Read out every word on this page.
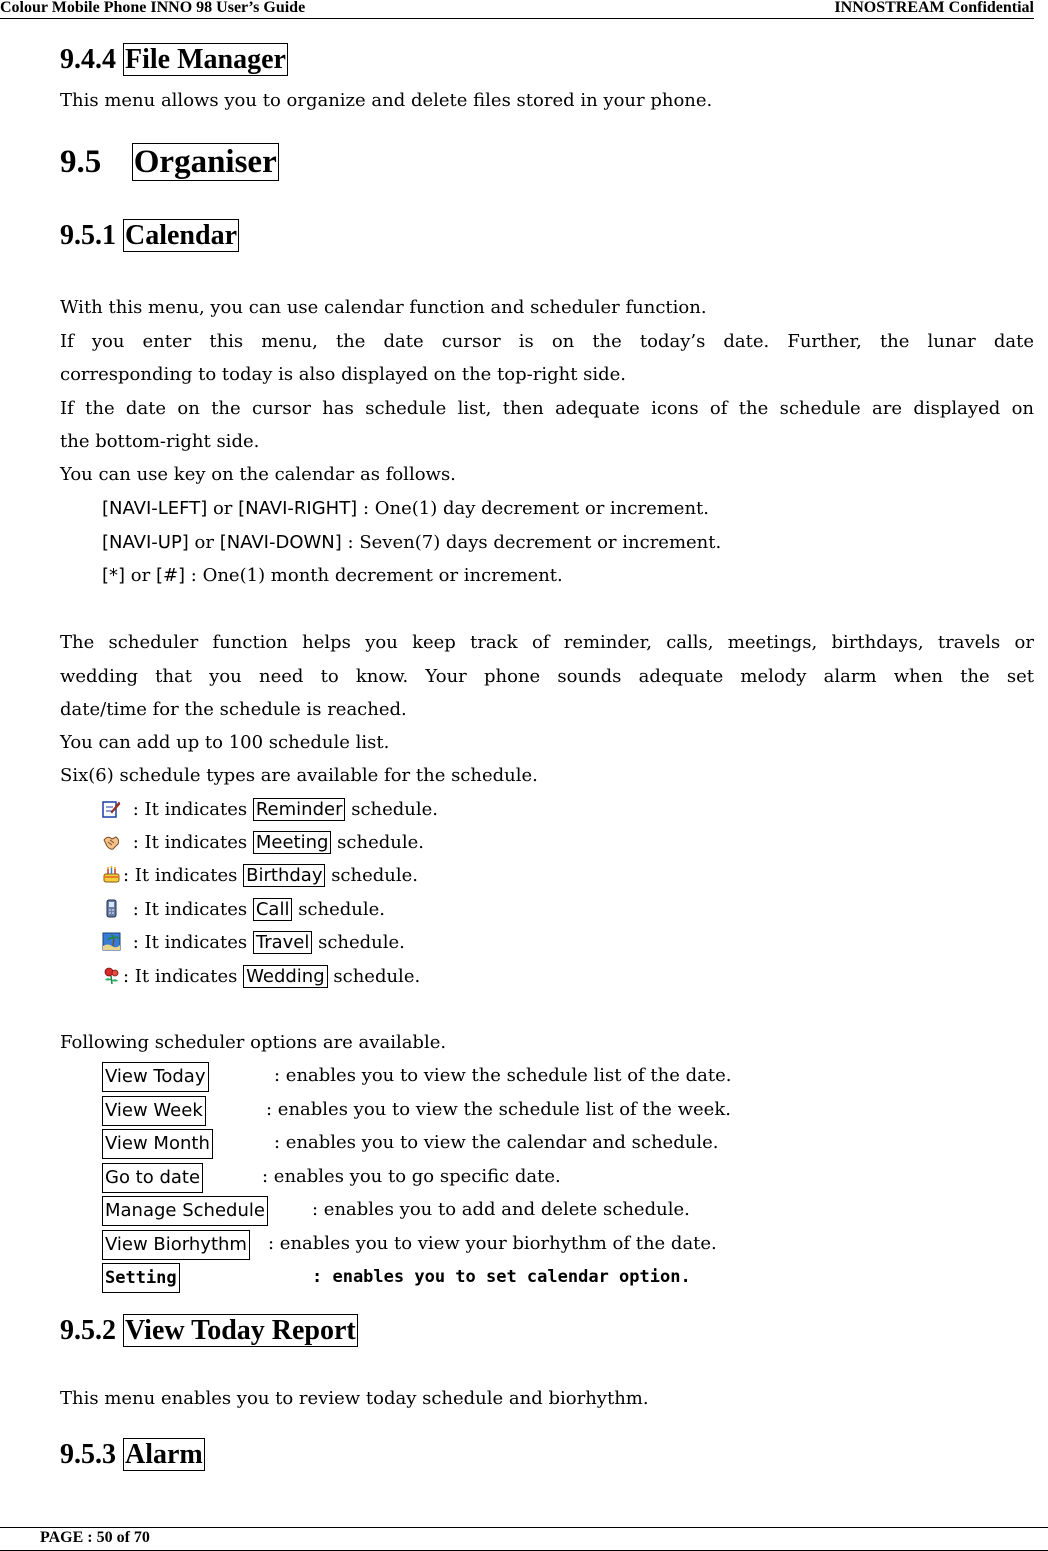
Colour Mobile Phone INNO 98 User’s Guide	INNOSTREAM Confidential
9.4.4 File Manager
This menu allows you to organize and delete files stored in your phone.
9.5 Organiser
9.5.1 Calendar
With this menu, you can use calendar function and scheduler function.
If you enter this menu, the date cursor is on the today’s date. Further, the lunar date
corresponding to today is also displayed on the top-right side.
If the date on the cursor has schedule list, then adequate icons of the schedule are displayed on
the bottom-right side.
You can use key on the calendar as follows.
[NAVI-LEFT] or [NAVI-RIGHT] : One(1) day decrement or increment.
[NAVI-UP] or [NAVI-DOWN] : Seven(7) days decrement or increment.
[*] or [#] : One(1) month decrement or increment.
The scheduler function helps you keep track of reminder, calls, meetings, birthdays, travels or
wedding that you need to know. Your phone sounds adequate melody alarm when the set
date/time for the schedule is reached.
You can add up to 100 schedule list.
Six(6) schedule types are available for the schedule.
: It indicates Reminder schedule.
: It indicates Meeting schedule.
: It indicates Birthday schedule.
: It indicates Call schedule.
: It indicates Travel schedule.
: It indicates Wedding schedule.
Following scheduler options are available.
View Today	: enables you to view the schedule list of the date.
View Week	: enables you to view the schedule list of the week.
View Month	: enables you to view the calendar and schedule.
Go to date	: enables you to go specific date.
Manage Schedule	: enables you to add and delete schedule.
View Biorhythm : enables you to view your biorhythm of the date.
Setting	: enables you to set calendar option.
9.5.2 View Today Report
This menu enables you to review today schedule and biorhythm.
9.5.3 Alarm
PAGE : 50 of 70
